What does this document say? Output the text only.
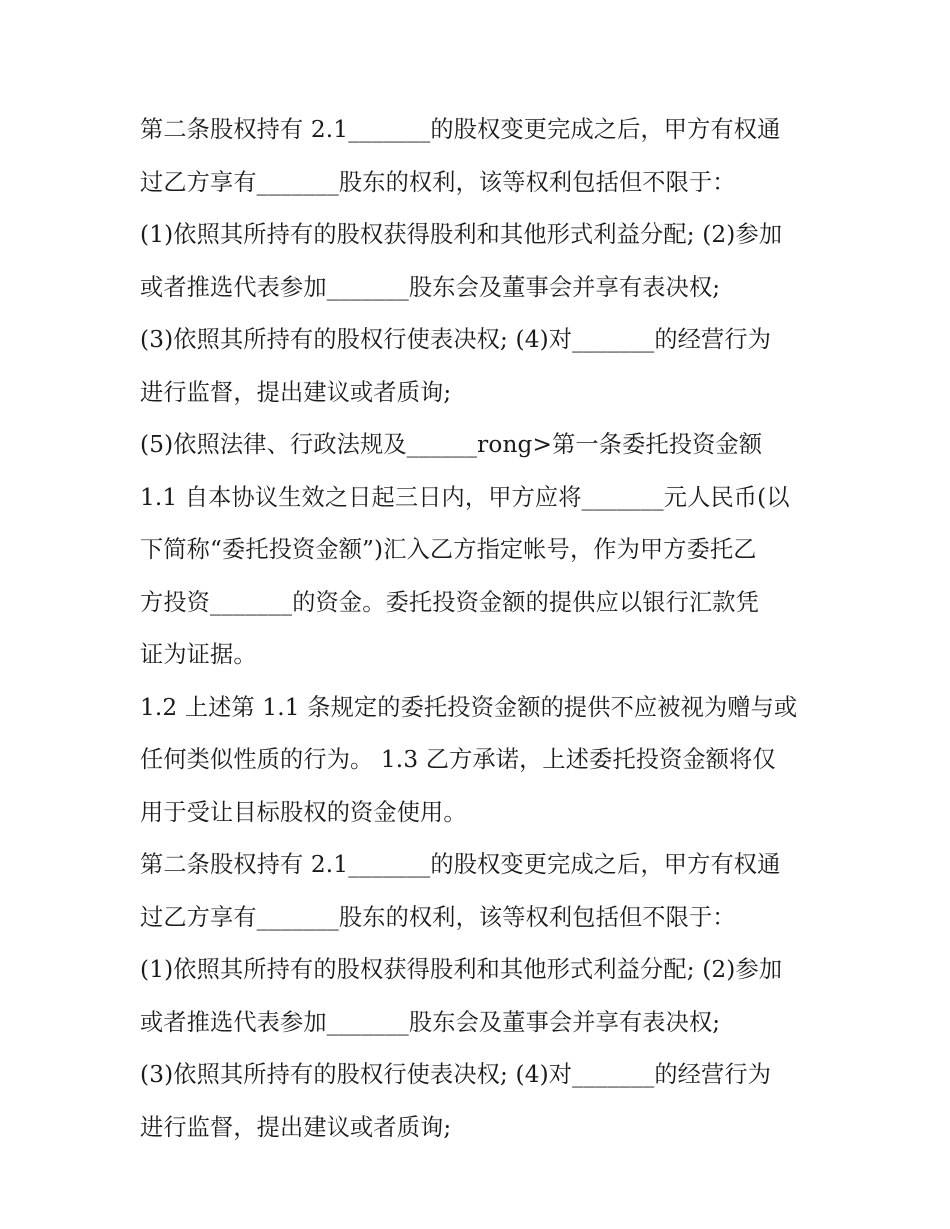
第二条股权持有 2.1_______的股权变更完成之后，甲方有权通
过乙方享有_______股东的权利，该等权利包括但不限于：
(1)依照其所持有的股权获得股利和其他形式利益分配; (2)参加
或者推选代表参加_______股东会及董事会并享有表决权;
(3)依照其所持有的股权行使表决权; (4)对_______的经营行为
进行监督，提出建议或者质询;
(5)依照法律、行政法规及______rong>第一条委托投资金额
1.1 自本协议生效之日起三日内，甲方应将_______元人民币(以
下简称“委托投资金额”)汇入乙方指定帐号，作为甲方委托乙
方投资_______的资金。委托投资金额的提供应以银行汇款凭
证为证据。
1.2 上述第 1.1 条规定的委托投资金额的提供不应被视为赠与或
任何类似性质的行为。 1.3 乙方承诺，上述委托投资金额将仅
用于受让目标股权的资金使用。
第二条股权持有 2.1_______的股权变更完成之后，甲方有权通
过乙方享有_______股东的权利，该等权利包括但不限于：
(1)依照其所持有的股权获得股利和其他形式利益分配; (2)参加
或者推选代表参加_______股东会及董事会并享有表决权;
(3)依照其所持有的股权行使表决权; (4)对_______的经营行为
进行监督，提出建议或者质询;
